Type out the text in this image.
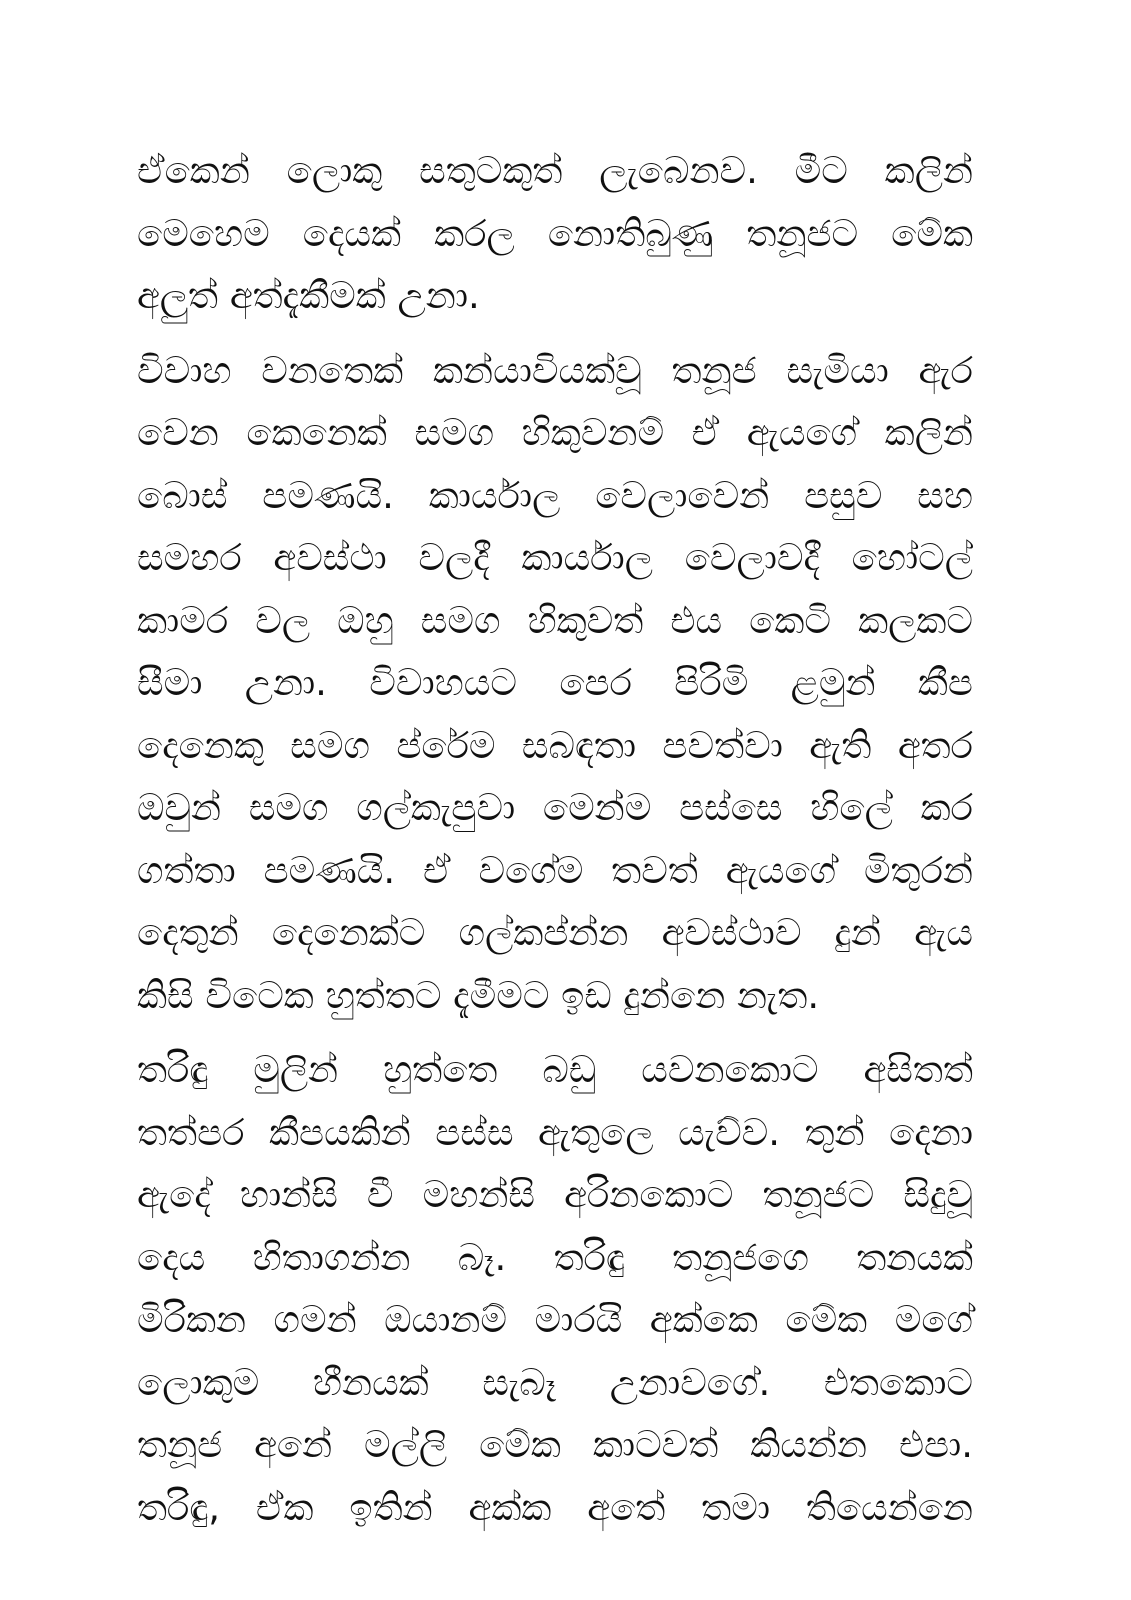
ඒකෙන් ලොකු සතුටකුත් ලැබෙනව. මීට කලින්
මෙහෙම දෙයක් කරල නොතිබුණු තනූජට මේක
අලුත් අත්දැකීමක් උනා.

විවාහ වනතෙක් කන්යාවියක්වූ තනූජ සැමියා ඇර
වෙන කෙනෙක් සමග හිකුවනම් ඒ ඇයගේ කලින්
බොස් පමණයි. කාර්යාල වෙලාවෙන් පසුව සහ
සමහර අවස්ථා වලදී කාර්යාල වෙලාවදී හෝටල්
කාමර වල ඔහු සමග හිකුවත් එය කෙටි කලකට
සීමා උනා. විවාහයට පෙර පිරිමි ළමුන් කීප
දෙනෙකු සමග ප්රේම සබඳතා පවත්වා ඇති අතර
ඔවුන් සමග ගල්කැපුවා මෙන්ම පස්සෙ හිලේ කර
ගත්තා පමණයි. ඒ වගේම තවත් ඇයගේ මිතුරන්
දෙතුන් දෙනෙක්ට ගල්කප්න්න අවස්ථාව දුන් ඇය
කිසි විටෙක හුත්තට දැමීමට ඉඩ දුන්නෙ නැත.

තරිඳු මුලින් හුත්තෙ බඩු යවනකොට අසිතත්
තත්පර කීපයකින් පස්ස ඇතුලෙ යැව්ව. තුන් දෙනා
ඇදේ හාන්සි වී මහන්සි අරිනකොට තනූජට සිදුවූ
දෙය හිතාගන්න බෑ. තරිඳු තනූජගෙ තනයක්
මිරිකන ගමන් ඔයානම් මාරයි අක්කෙ මේක මගේ
ලොකුම හීනයක් සැබෑ උනාවගේ. එතකොට
තනූජ අනේ මල්ලි මේක කාටවත් කියන්න එපා.
තරිඳු, ඒක ඉතින් අක්ක අතේ තමා තියෙන්නෙ
